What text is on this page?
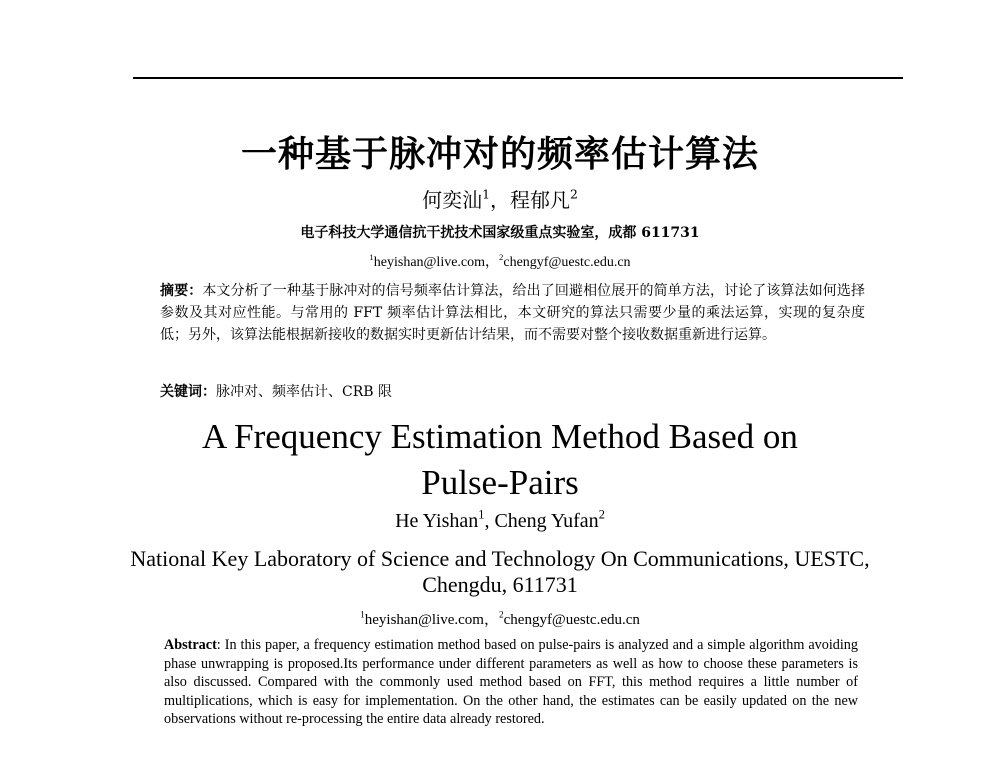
一种基于脉冲对的频率估计算法
何奕汕$^1$，程郁凡$^2$
电子科技大学通信抗干扰技术国家级重点实验室，成都 611731
$^1$heyishan@live.com，$^2$chengyf@uestc.edu.cn
摘要：本文分析了一种基于脉冲对的信号频率估计算法，给出了回避相位展开的简单方法，讨论了该算法如何选择参数及其对应性能。与常用的 FFT 频率估计算法相比，本文研究的算法只需要少量的乘法运算，实现的复杂度低；另外，该算法能根据新接收的数据实时更新估计结果，而不需要对整个接收数据重新进行运算。
关键词：脉冲对、频率估计、CRB 限
A Frequency Estimation Method Based on Pulse-Pairs
He Yishan$^1$, Cheng Yufan$^2$
National Key Laboratory of Science and Technology On Communications, UESTC, Chengdu, 611731
$^1$heyishan@live.com，$^2$chengyf@uestc.edu.cn
Abstract: In this paper, a frequency estimation method based on pulse-pairs is analyzed and a simple algorithm avoiding phase unwrapping is proposed.Its performance under different parameters as well as how to choose these parameters is also discussed. Compared with the commonly used method based on FFT, this method requires a little number of multiplications, which is easy for implementation. On the other hand, the estimates can be easily updated on the new observations without re-processing the entire data already restored.
